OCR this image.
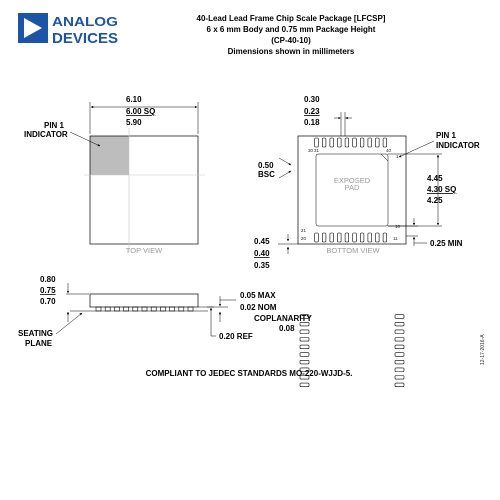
ANALOG
DEVICES
40-Lead Lead Frame Chip Scale Package [LFCSP]
6 x 6 mm Body and 0.75 mm Package Height
(CP-40-10)
Dimensions shown in millimeters
6.10
6.00 SQ
5.90
PIN 1
INDICATOR
TOP VIEW
EXPOSED
PAD
30 31	40
1
10
11
20
21
0.30
0.23
0.18
0.50
BSC	4.45
4.30 SQ
4.25
PIN 1
INDICATOR
0.45
0.40
0.35
0.25 MIN
BOTTOM VIEW
0.80
0.75
0.70
SEATING
PLANE
0.05 MAX
0.02 NOM
COPLANARITY
0.08
0.20 REF
COMPLIANT TO JEDEC STANDARDS MO-220-WJJD-5.
12-17-2016-A
